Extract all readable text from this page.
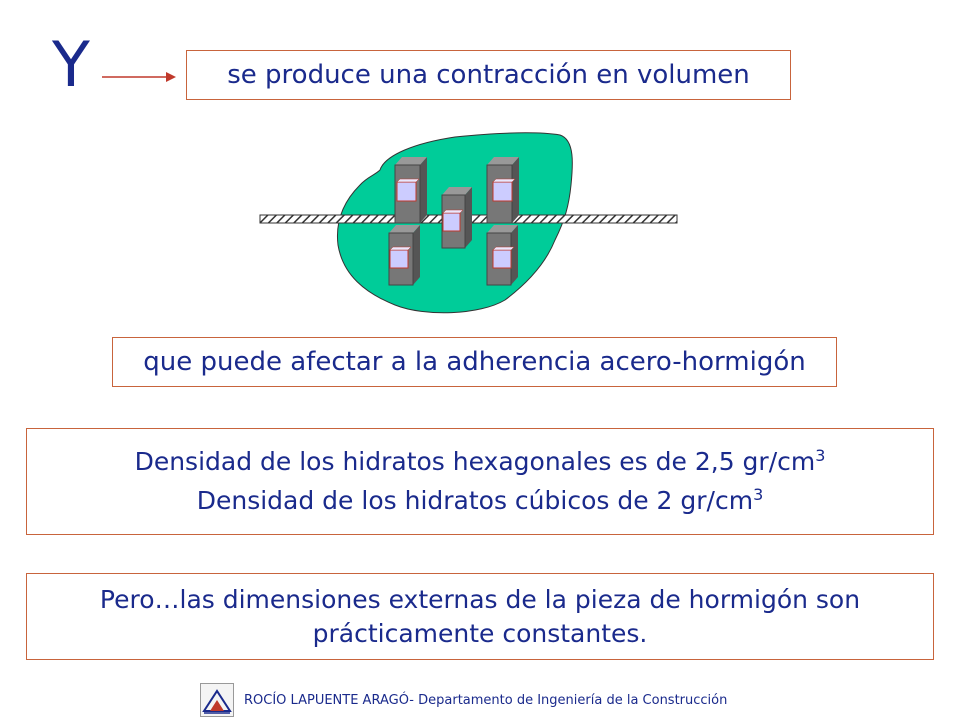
Y	se produce una contracción en volumen
que puede afectar a la adherencia acero-hormigón
Densidad de los hidratos hexagonales es de 2,5 $gr/cm^3$
Densidad de los hidratos cúbicos de 2 $gr/cm^3$
Pero…las dimensiones externas de la pieza de hormigón son prácticamente constantes.
ROCÍO LAPUENTE ARAGÓ- Departamento de Ingeniería de la Construcción
